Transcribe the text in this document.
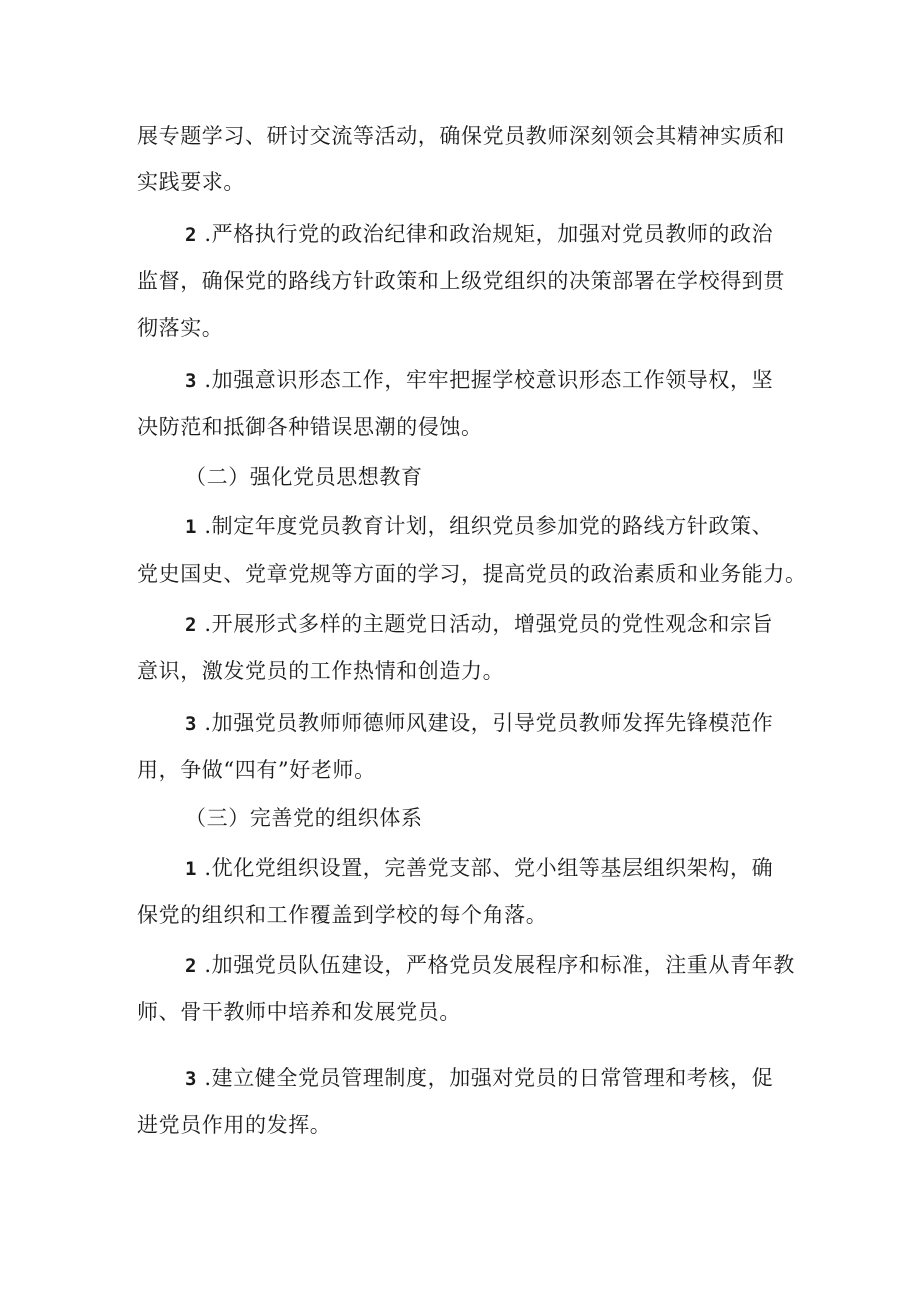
展专题学习、研讨交流等活动，确保党员教师深刻领会其精神实质和
实践要求。
2 .严格执行党的政治纪律和政治规矩，加强对党员教师的政治
监督，确保党的路线方针政策和上级党组织的决策部署在学校得到贯
彻落实。
3 .加强意识形态工作，牢牢把握学校意识形态工作领导权，坚
决防范和抵御各种错误思潮的侵蚀。
（二）强化党员思想教育
1 .制定年度党员教育计划，组织党员参加党的路线方针政策、
党史国史、党章党规等方面的学习，提高党员的政治素质和业务能力。
2 .开展形式多样的主题党日活动，增强党员的党性观念和宗旨
意识，激发党员的工作热情和创造力。
3 .加强党员教师师德师风建设，引导党员教师发挥先锋模范作
用，争做“四有”好老师。
（三）完善党的组织体系
1 .优化党组织设置，完善党支部、党小组等基层组织架构，确
保党的组织和工作覆盖到学校的每个角落。
2 .加强党员队伍建设，严格党员发展程序和标准，注重从青年教
师、骨干教师中培养和发展党员。
3 .建立健全党员管理制度，加强对党员的日常管理和考核，促
进党员作用的发挥。
